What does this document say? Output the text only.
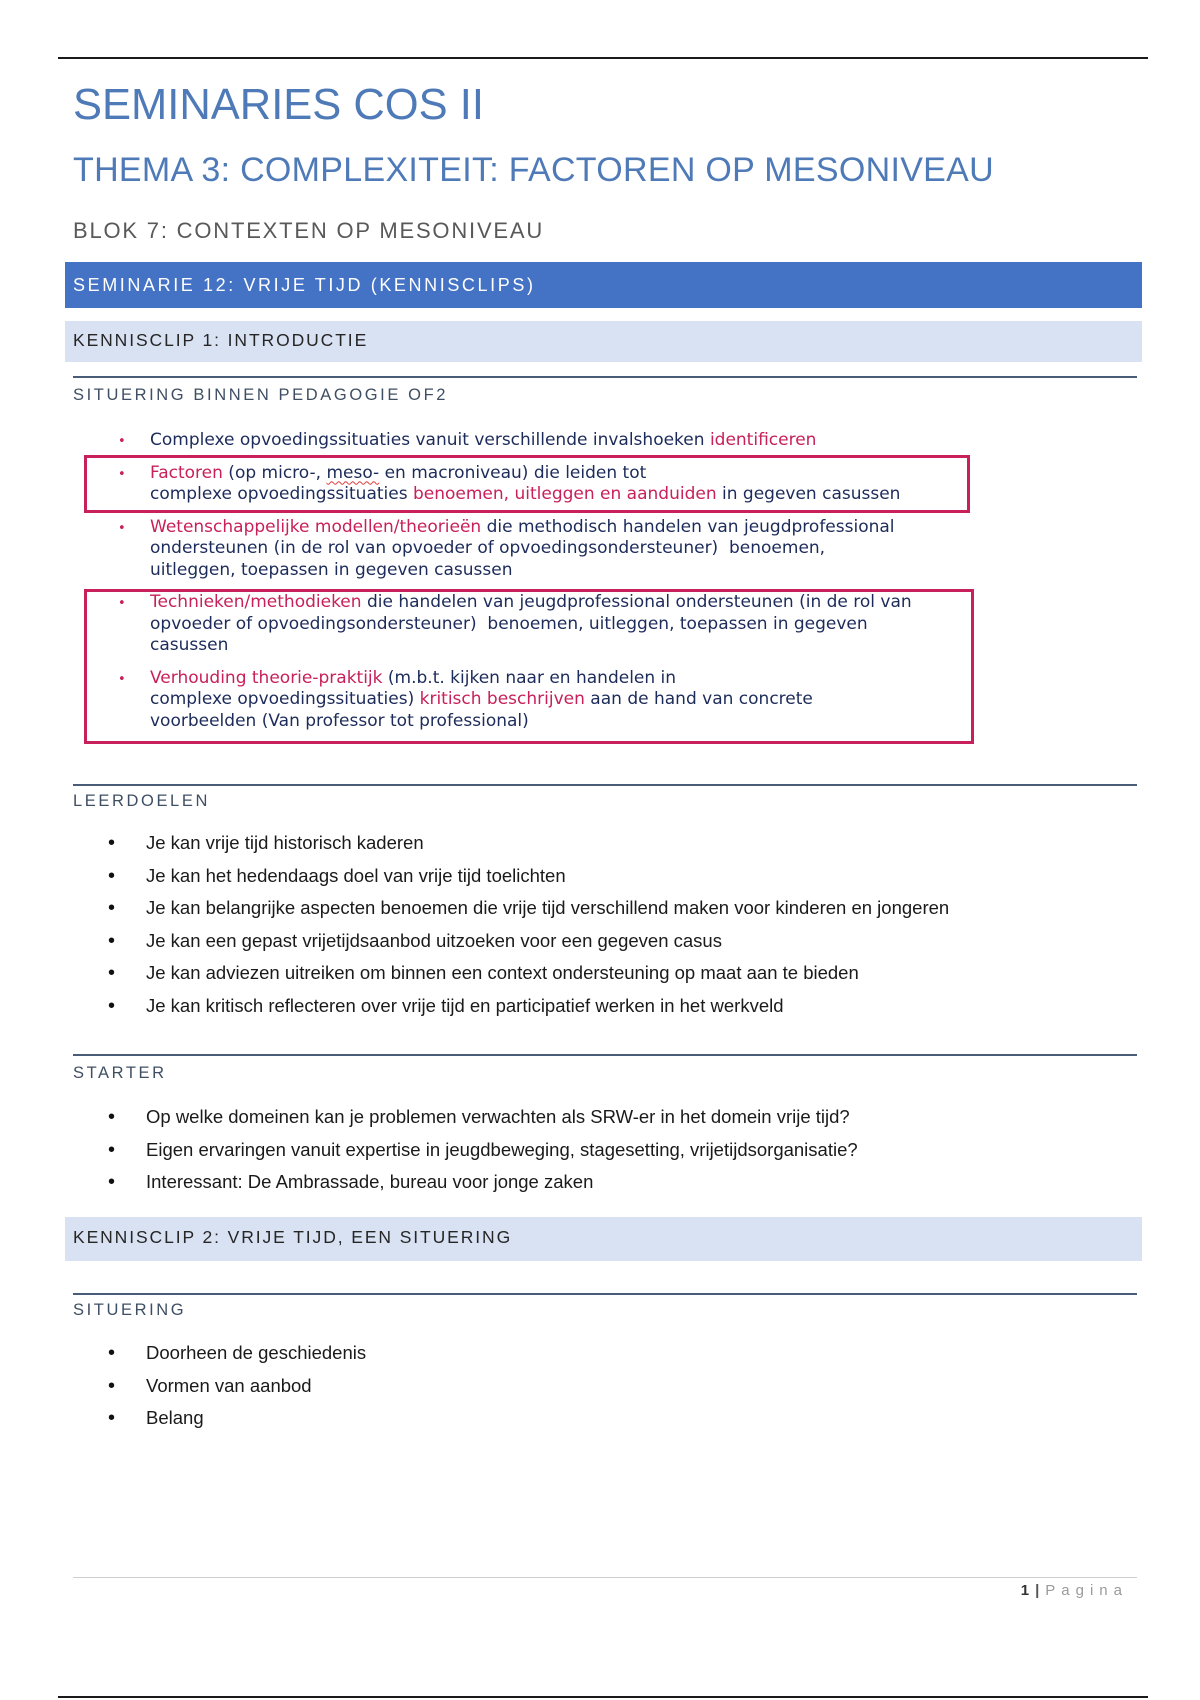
SEMINARIES COS II
THEMA 3: COMPLEXITEIT: FACTOREN OP MESONIVEAU
BLOK 7: CONTEXTEN OP MESONIVEAU
SEMINARIE 12: VRIJE TIJD (KENNISCLIPS)
KENNISCLIP 1: INTRODUCTIE
SITUERING BINNEN PEDAGOGIE OF2
•
Complexe opvoedingssituaties vanuit verschillende invalshoeken identificeren
•
Factoren (op micro-, meso- en macroniveau) die leiden tot
complexe opvoedingssituaties benoemen, uitleggen en aanduiden in gegeven casussen
•
Wetenschappelijke modellen/theorieën die methodisch handelen van jeugdprofessional
ondersteunen (in de rol van opvoeder of opvoedingsondersteuner)  benoemen,
uitleggen, toepassen in gegeven casussen
•
Technieken/methodieken die handelen van jeugdprofessional ondersteunen (in de rol van
opvoeder of opvoedingsondersteuner)  benoemen, uitleggen, toepassen in gegeven
casussen
•
Verhouding theorie-praktijk (m.b.t. kijken naar en handelen in
complexe opvoedingssituaties) kritisch beschrijven aan de hand van concrete
voorbeelden (Van professor tot professional)
LEERDOELEN
•
Je kan vrije tijd historisch kaderen
•
Je kan het hedendaags doel van vrije tijd toelichten
•
Je kan belangrijke aspecten benoemen die vrije tijd verschillend maken voor kinderen en jongeren
•
Je kan een gepast vrijetijdsaanbod uitzoeken voor een gegeven casus
•
Je kan adviezen uitreiken om binnen een context ondersteuning op maat aan te bieden
•
Je kan kritisch reflecteren over vrije tijd en participatief werken in het werkveld
STARTER
•
Op welke domeinen kan je problemen verwachten als SRW-er in het domein vrije tijd?
•
Eigen ervaringen vanuit expertise in jeugdbeweging, stagesetting, vrijetijdsorganisatie?
•
Interessant: De Ambrassade, bureau voor jonge zaken
KENNISCLIP 2: VRIJE TIJD, EEN SITUERING
SITUERING
•
Doorheen de geschiedenis
•
Vormen van aanbod
•
Belang
1 | Pagina
